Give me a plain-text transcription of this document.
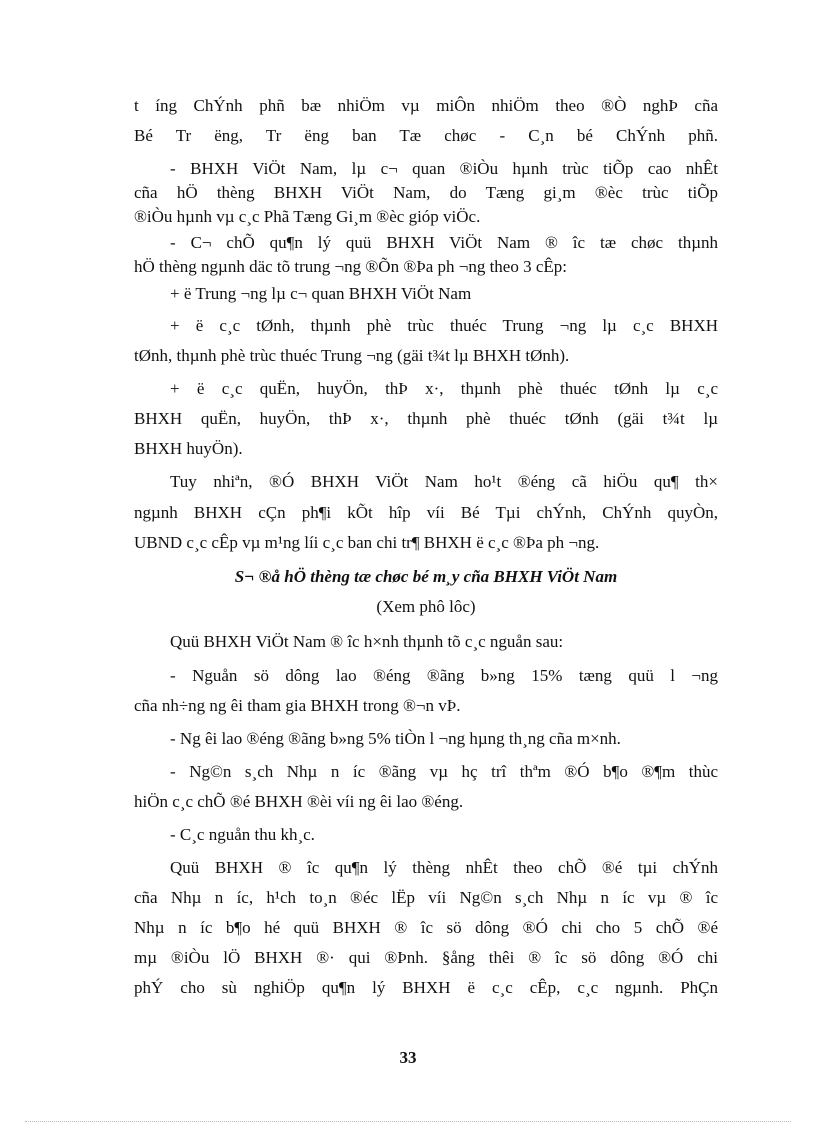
t íng ChÝnh phñ bæ nhiÖm vµ miÔn nhiÖm theo ®Ò nghÞ cña
Bé Tr ëng, Tr ëng ban Tæ chøc - C¸n bé ChÝnh phñ.
- BHXH ViÖt Nam, lµ c¬ quan ®iÒu hµnh trùc tiÕp cao nhÊt
cña hÖ thèng BHXH ViÖt Nam, do Tæng gi¸m ®èc trùc tiÕp
®iÒu hµnh vµ c¸c Phã Tæng Gi¸m ®èc gióp viÖc.
- C¬ chÕ qu¶n lý quü BHXH ViÖt Nam ® îc tæ chøc thµnh
hÖ thèng ngµnh däc tõ trung ¬ng ®Õn ®Þa ph ¬ng theo 3 cÊp:
+ ë Trung ¬ng lµ c¬ quan BHXH ViÖt Nam
+ ë c¸c tØnh, thµnh phè trùc thuéc Trung ¬ng lµ c¸c BHXH
tØnh, thµnh phè trùc thuéc Trung ¬ng (gäi t¾t lµ BHXH tØnh).
+ ë c¸c quËn, huyÖn, thÞ x·, thµnh phè thuéc tØnh lµ c¸c
BHXH quËn, huyÖn, thÞ x·, thµnh phè thuéc tØnh (gäi t¾t lµ
BHXH huyÖn).
Tuy nhiªn, ®Ó BHXH ViÖt Nam ho¹t ®éng cã hiÖu qu¶ th×
ngµnh BHXH cÇn ph¶i kÕt hîp víi Bé Tµi chÝnh, ChÝnh quyÒn,
UBND c¸c cÊp vµ m¹ng líi c¸c ban chi tr¶ BHXH ë c¸c ®Þa ph ¬ng.
S¬ ®å hÖ thèng tæ chøc bé m¸y cña BHXH ViÖt Nam
(Xem phô lôc)
Quü BHXH ViÖt Nam ® îc h×nh thµnh tõ c¸c nguån sau:
- Nguån sö dông lao ®éng ®ãng b»ng 15% tæng quü l ¬ng
cña nh÷ng ng êi tham gia BHXH trong ®¬n vÞ.
- Ng êi lao ®éng ®ãng b»ng 5% tiÒn l ¬ng hµng th¸ng cña m×nh.
- Ng©n s¸ch Nhµ n íc ®ãng vµ hç trî thªm ®Ó b¶o ®¶m thùc
hiÖn c¸c chÕ ®é BHXH ®èi víi ng êi lao ®éng.
- C¸c nguån thu kh¸c.
Quü BHXH ® îc qu¶n lý thèng nhÊt theo chÕ ®é tµi chÝnh
cña Nhµ n íc, h¹ch to¸n ®éc lËp víi Ng©n s¸ch Nhµ n íc vµ ® îc
Nhµ n íc b¶o hé quü BHXH ® îc sö dông ®Ó chi cho 5 chÕ ®é
mµ ®iÒu lÖ BHXH ®· qui ®Þnh. §ång thêi ® îc sö dông ®Ó chi
phÝ cho sù nghiÖp qu¶n lý BHXH ë c¸c cÊp, c¸c ngµnh. PhÇn
33
